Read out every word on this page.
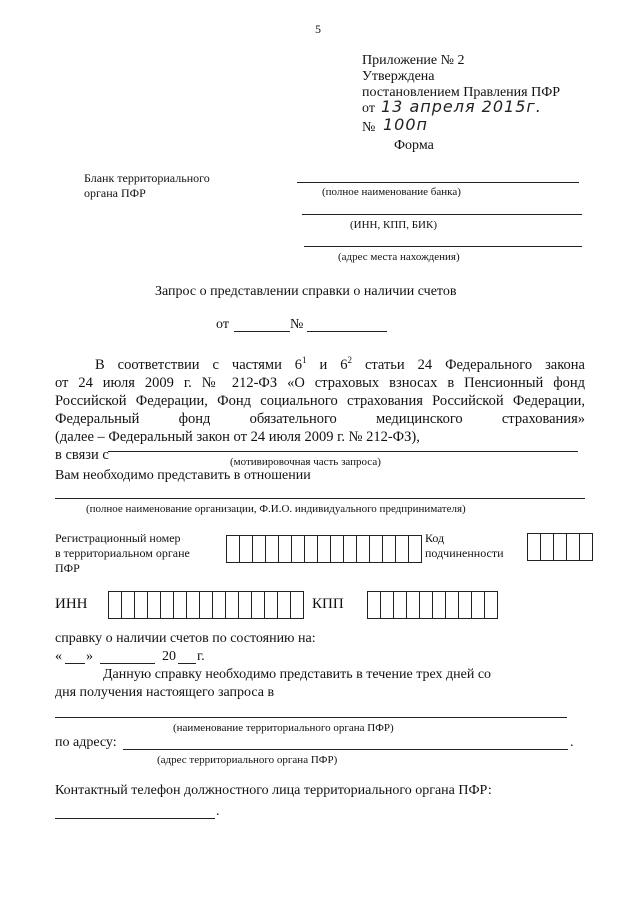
5
Приложение № 2
Утверждена
постановлением Правления ПФР
от 13 апреля 2015г.
№ 100п
Форма
Бланк территориального
органа ПФР	(полное наименование банка)
(ИНН, КПП, БИК)
(адрес места нахождения)
Запрос о представлении справки о наличии счетов
от	№
В соответствии с частями $6^1$ и $6^2$ статьи 24 Федерального закона
от 24 июля 2009 г. № 212-ФЗ «О страховых взносах в Пенсионный фонд
Российской Федерации, Фонд социального страхования Российской Федерации,
Федеральный фонд обязательного медицинского страхования»
(далее – Федеральный закон от 24 июля 2009 г. № 212-ФЗ),
в связи с	(мотивировочная часть запроса)
Вам необходимо представить в отношении
(полное наименование организации, Ф.И.О. индивидуального предпринимателя)
Регистрационный номер
в территориальном органе
ПФР
Код
подчиненности
ИНН	КПП
справку о наличии счетов по состоянию на:
« »	20 г.
Данную справку необходимо представить в течение трех дней со
дня получения настоящего запроса в
(наименование территориального органа ПФР)
по адресу:	.
(адрес территориального органа ПФР)
Контактный телефон должностного лица территориального органа ПФР:
.
